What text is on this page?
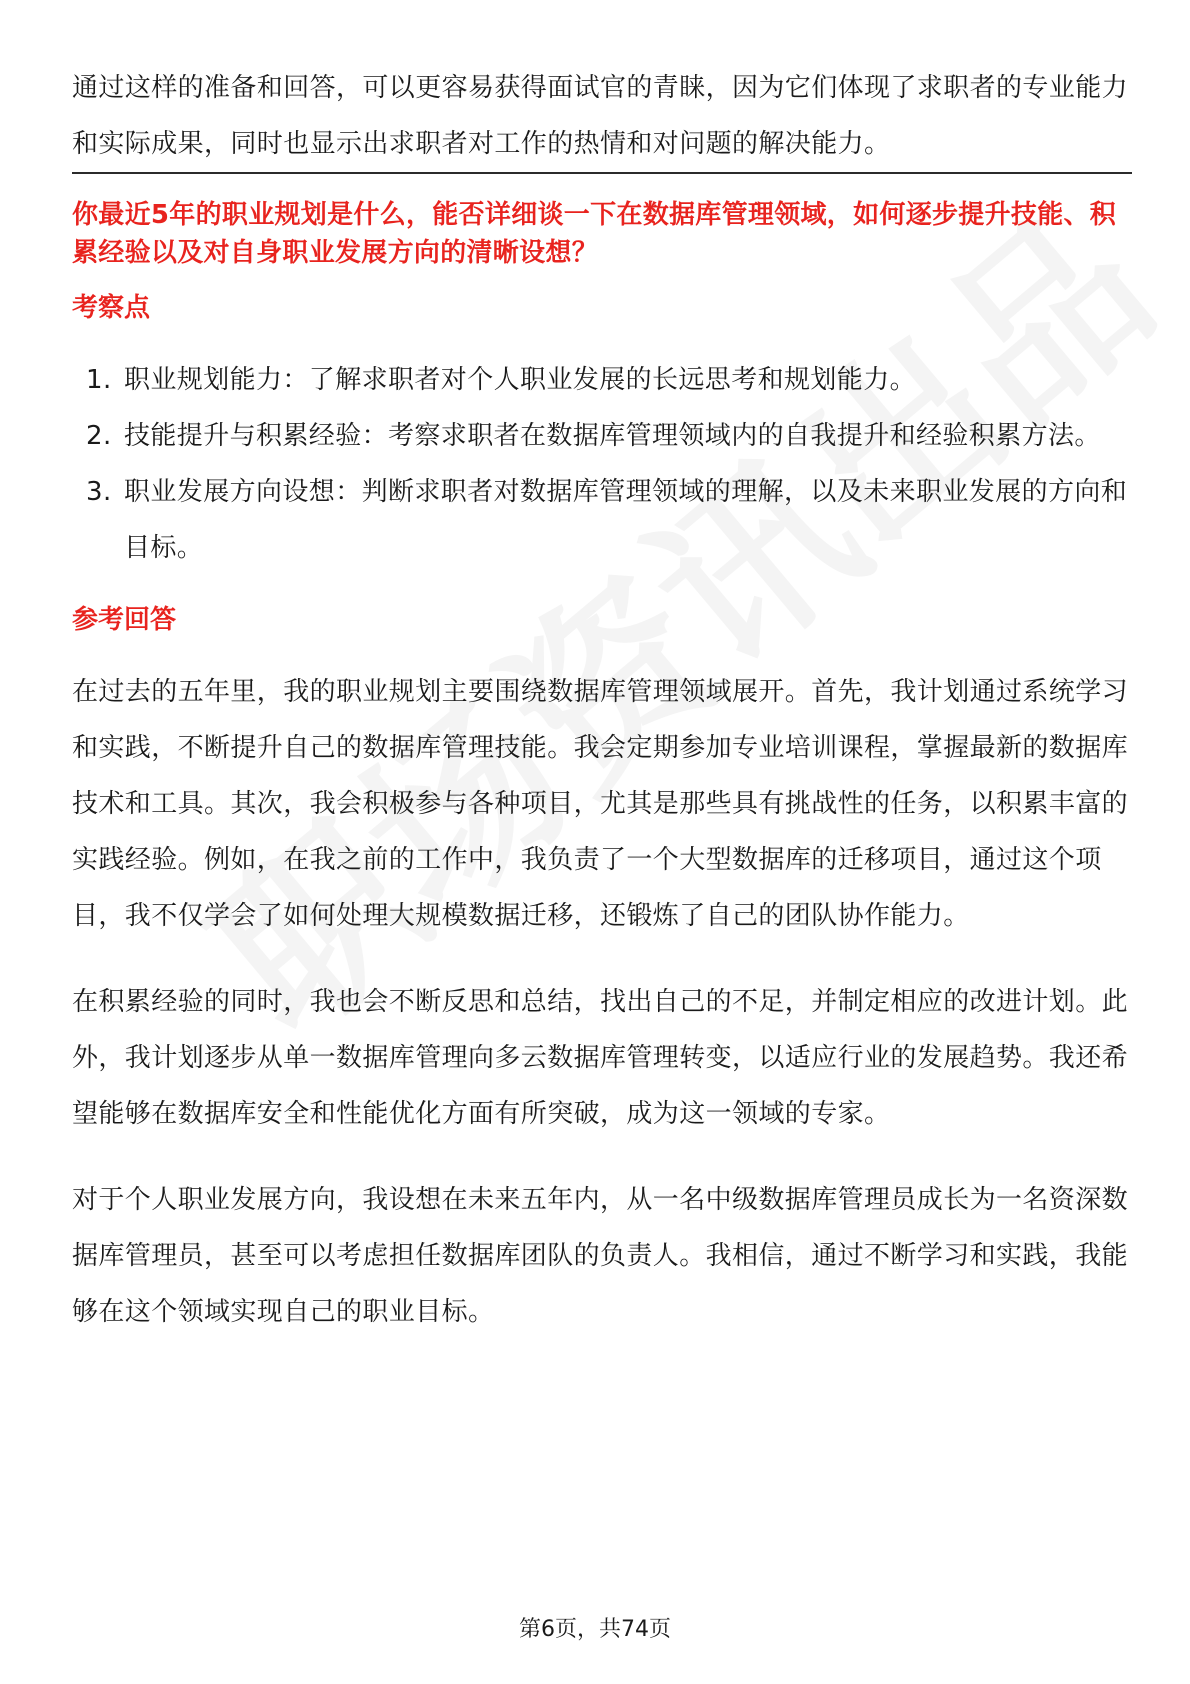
通过这样的准备和回答，可以更容易获得面试官的青睐，因为它们体现了求职者的专业能力和实际成果，同时也显示出求职者对工作的热情和对问题的解决能力。

你最近5年的职业规划是什么，能否详细谈一下在数据库管理领域，如何逐步提升技能、积累经验以及对自身职业发展方向的清晰设想？

考察点
1. 职业规划能力：了解求职者对个人职业发展的长远思考和规划能力。
2. 技能提升与积累经验：考察求职者在数据库管理领域内的自我提升和经验积累方法。
3. 职业发展方向设想：判断求职者对数据库管理领域的理解，以及未来职业发展的方向和目标。
参考回答

在过去的五年里，我的职业规划主要围绕数据库管理领域展开。首先，我计划通过系统学习和实践，不断提升自己的数据库管理技能。我会定期参加专业培训课程，掌握最新的数据库技术和工具。其次，我会积极参与各种项目，尤其是那些具有挑战性的任务，以积累丰富的实践经验。例如，在我之前的工作中，我负责了一个大型数据库的迁移项目，通过这个项目，我不仅学会了如何处理大规模数据迁移，还锻炼了自己的团队协作能力。

在积累经验的同时，我也会不断反思和总结，找出自己的不足，并制定相应的改进计划。此外，我计划逐步从单一数据库管理向多云数据库管理转变，以适应行业的发展趋势。我还希望能够在数据库安全和性能优化方面有所突破，成为这一领域的专家。

对于个人职业发展方向，我设想在未来五年内，从一名中级数据库管理员成长为一名资深数据库管理员，甚至可以考虑担任数据库团队的负责人。我相信，通过不断学习和实践，我能够在这个领域实现自己的职业目标。

第6页，共74页
